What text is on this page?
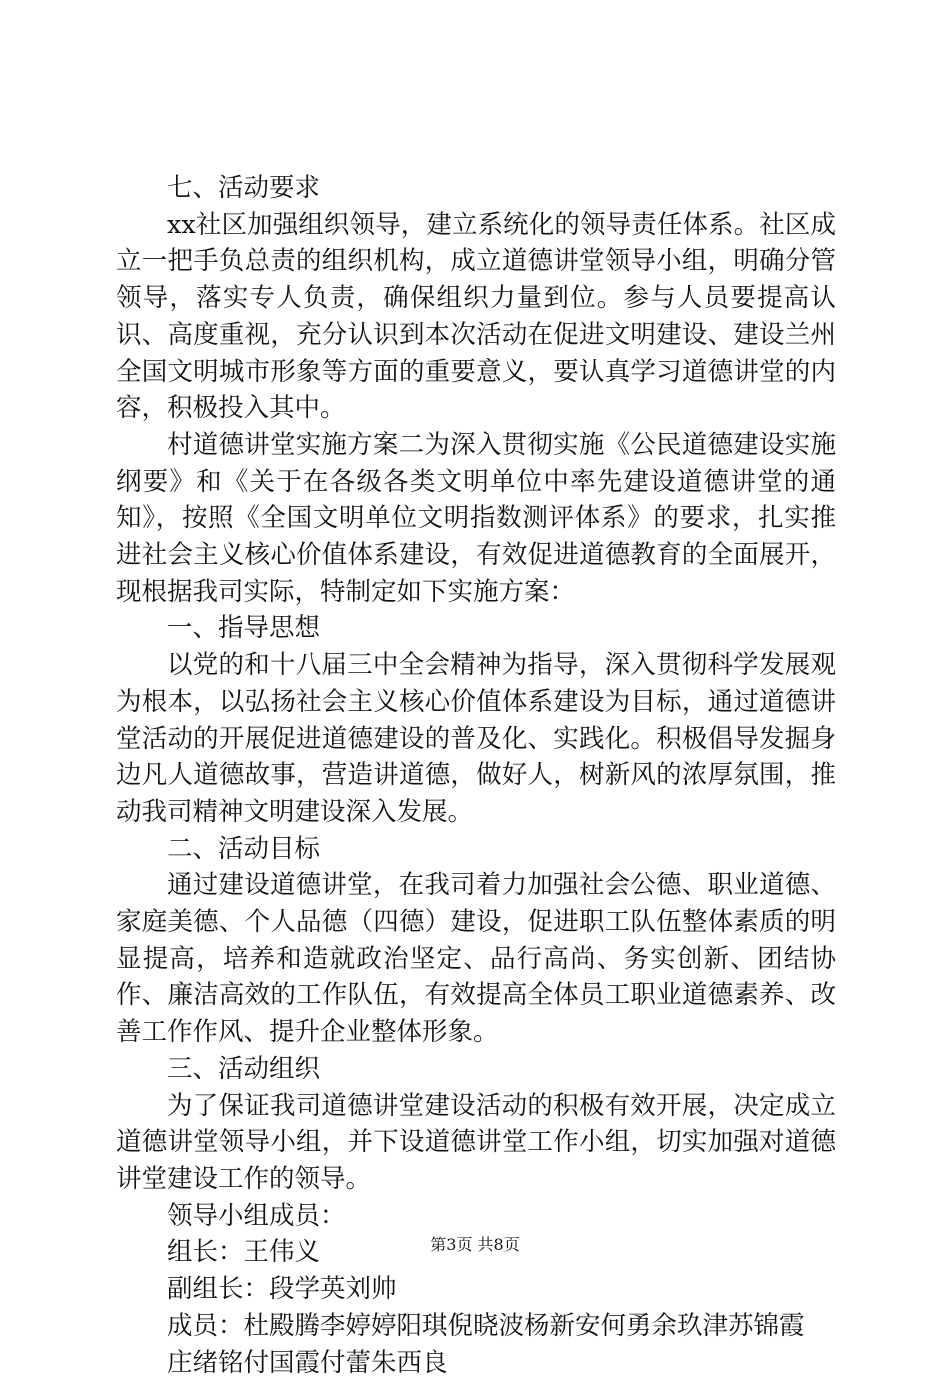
七、活动要求

xx社区加强组织领导，建立系统化的领导责任体系。社区成立一把手负总责的组织机构，成立道德讲堂领导小组，明确分管领导，落实专人负责，确保组织力量到位。参与人员要提高认识、高度重视，充分认识到本次活动在促进文明建设、建设兰州全国文明城市形象等方面的重要意义，要认真学习道德讲堂的内容，积极投入其中。

村道德讲堂实施方案二为深入贯彻实施《公民道德建设实施纲要》和《关于在各级各类文明单位中率先建设道德讲堂的通知》，按照《全国文明单位文明指数测评体系》的要求，扎实推进社会主义核心价值体系建设，有效促进道德教育的全面展开，现根据我司实际，特制定如下实施方案：

一、指导思想

以党的和十八届三中全会精神为指导，深入贯彻科学发展观为根本，以弘扬社会主义核心价值体系建设为目标，通过道德讲堂活动的开展促进道德建设的普及化、实践化。积极倡导发掘身边凡人道德故事，营造讲道德，做好人，树新风的浓厚氛围，推动我司精神文明建设深入发展。

二、活动目标

通过建设道德讲堂，在我司着力加强社会公德、职业道德、家庭美德、个人品德（四德）建设，促进职工队伍整体素质的明显提高，培养和造就政治坚定、品行高尚、务实创新、团结协作、廉洁高效的工作队伍，有效提高全体员工职业道德素养、改善工作作风、提升企业整体形象。

三、活动组织

为了保证我司道德讲堂建设活动的积极有效开展，决定成立道德讲堂领导小组，并下设道德讲堂工作小组，切实加强对道德讲堂建设工作的领导。

领导小组成员：

组长：王伟义

副组长：段学英刘帅

成员：杜殿腾李婷婷阳琪倪晓波杨新安何勇余玖津苏锦霞

庄绪铭付国霞付蕾朱西良

第3页 共8页
